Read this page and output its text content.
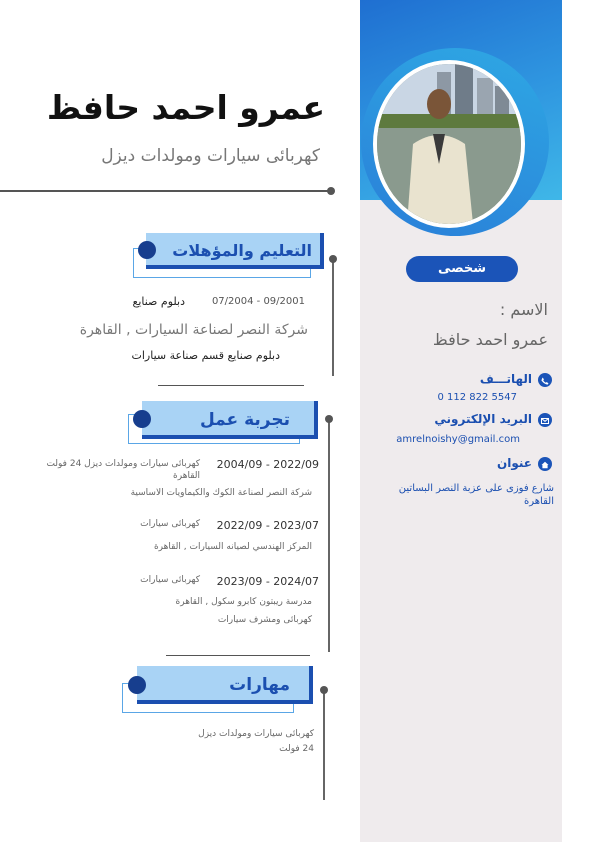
شخصى
الاسم :
عمرو احمد حافظ
الهاتـــف
0 112 822 5547
البريد الإلكتروني
amrelnoishy@gmail.com
عنوان
شارع فوزى على عزبة النصر البساتين القاهرة
عمرو احمد حافظ
كهربائى سيارات ومولدات ديزل
التعليم والمؤهلات
07/2004 - 09/2001
دبلوم صنايع
شركة النصر لصناعة السيارات , القاهرة
دبلوم صنايع قسم صناعة سيارات
تجربة عمل
2004/09 - 2022/09
كهربائى سيارات ومولدات ديزل 24 فولت القاهرة
شركة النصر لصناعة الكوك والكيماويات الاساسية
2022/09 - 2023/07
كهربائى سيارات
المركز الهندسي لصيانه السيارات , القاهرة
2023/09 - 2024/07
كهربائى سيارات
مدرسة ريبتون كابرو سكول , القاهرة
كهربائى ومشرف سيارات
مهارات
كهربائى سيارات ومولدات ديزل
24 فولت
